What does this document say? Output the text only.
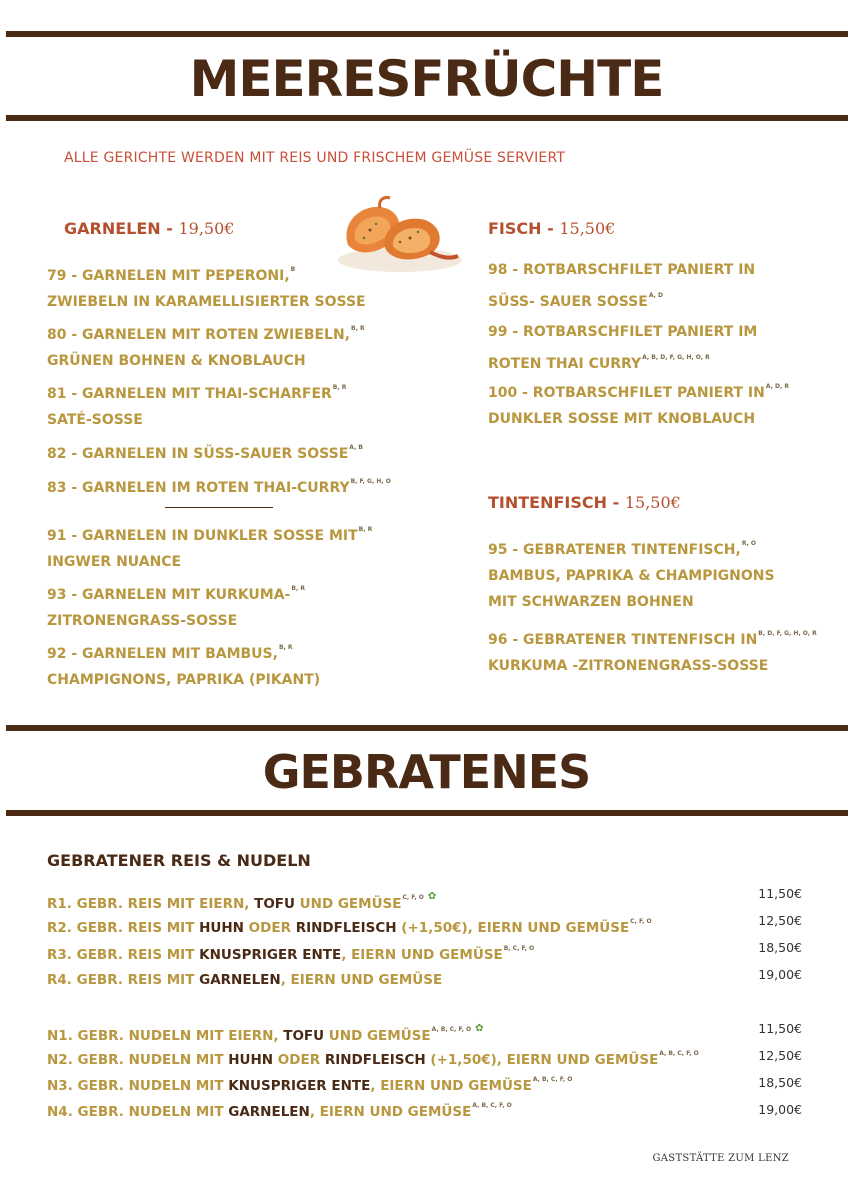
MEERESFRÜCHTE
ALLE GERICHTE WERDEN MIT REIS UND FRISCHEM GEMÜSE SERVIERT
GARNELEN - 19,50€
79 - GARNELEN MIT PEPERONI,$^B$
ZWIEBELN IN KARAMELLISIERTER SOSSE
80 - GARNELEN MIT ROTEN ZWIEBELN,$^{B, R}$
GRÜNEN BOHNEN & KNOBLAUCH
81 - GARNELEN MIT THAI-$SCHARFER^{B, R}$
SATÉ-SOSSE
82 - GARNELEN IN SÜSS-SAUER $SOSSE^{A, B}$
83 - GARNELEN IM ROTEN THAI-$CURRY^{B, F, G, H, O}$
91 - GARNELEN IN DUNKLER SOSSE $MIT^{B, R}$
INGWER NUANCE
93 - GARNELEN MIT KURKUMA-$^{B, R}$
ZITRONENGRASS-SOSSE
92 - GARNELEN MIT BAMBUS,$^{B, R}$
CHAMPIGNONS, PAPRIKA (PIKANT)
FISCH - 15,50€
98 - ROTBARSCHFILET PANIERT IN
SÜSS- SAUER $SOSSE^{A, D}$
99 - ROTBARSCHFILET PANIERT IM
ROTEN THAI $CURRY^{A, B, D, F, G, H, O, R}$
100 - ROTBARSCHFILET PANIERT $IN^{A, D, R}$
DUNKLER SOSSE MIT KNOBLAUCH
TINTENFISCH - 15,50€
95 - GEBRATENER TINTENFISCH,$^{R, O}$
BAMBUS, PAPRIKA & CHAMPIGNONS
MIT SCHWARZEN BOHNEN
96 - GEBRATENER TINTENFISCH $IN^{B, D, F, G, H, O, R}$
KURKUMA -ZITRONENGRASS-SOSSE
GEBRATENES
GEBRATENER REIS & NUDELN
R1. GEBR. REIS MIT EIERN, TOFU UND $GEMÜSE^{C, F, O}$ ✿	11,50€
R2. GEBR. REIS MIT HUHN ODER RINDFLEISCH (+1,50€), EIERN UND $GEMÜSE^{C, F, O}$	12,50€
R3. GEBR. REIS MIT KNUSPRIGER ENTE, EIERN UND $GEMÜSE^{B, C, F, O}$	18,50€
R4. GEBR. REIS MIT GARNELEN, EIERN UND GEMÜSE	19,00€
N1. GEBR. NUDELN MIT EIERN, TOFU UND $GEMÜSE^{A, B, C, F, O}$ ✿	11,50€
N2. GEBR. NUDELN MIT HUHN ODER RINDFLEISCH (+1,50€), EIERN UND $GEMÜSE^{A, B, C, F, O}$	12,50€
N3. GEBR. NUDELN MIT KNUSPRIGER ENTE, EIERN UND $GEMÜSE^{A, B, C, F, O}$	18,50€
N4. GEBR. NUDELN MIT GARNELEN, EIERN UND $GEMÜSE^{A, B, C, F, O}$	19,00€
GASTSTÄTTE ZUM LENZ
